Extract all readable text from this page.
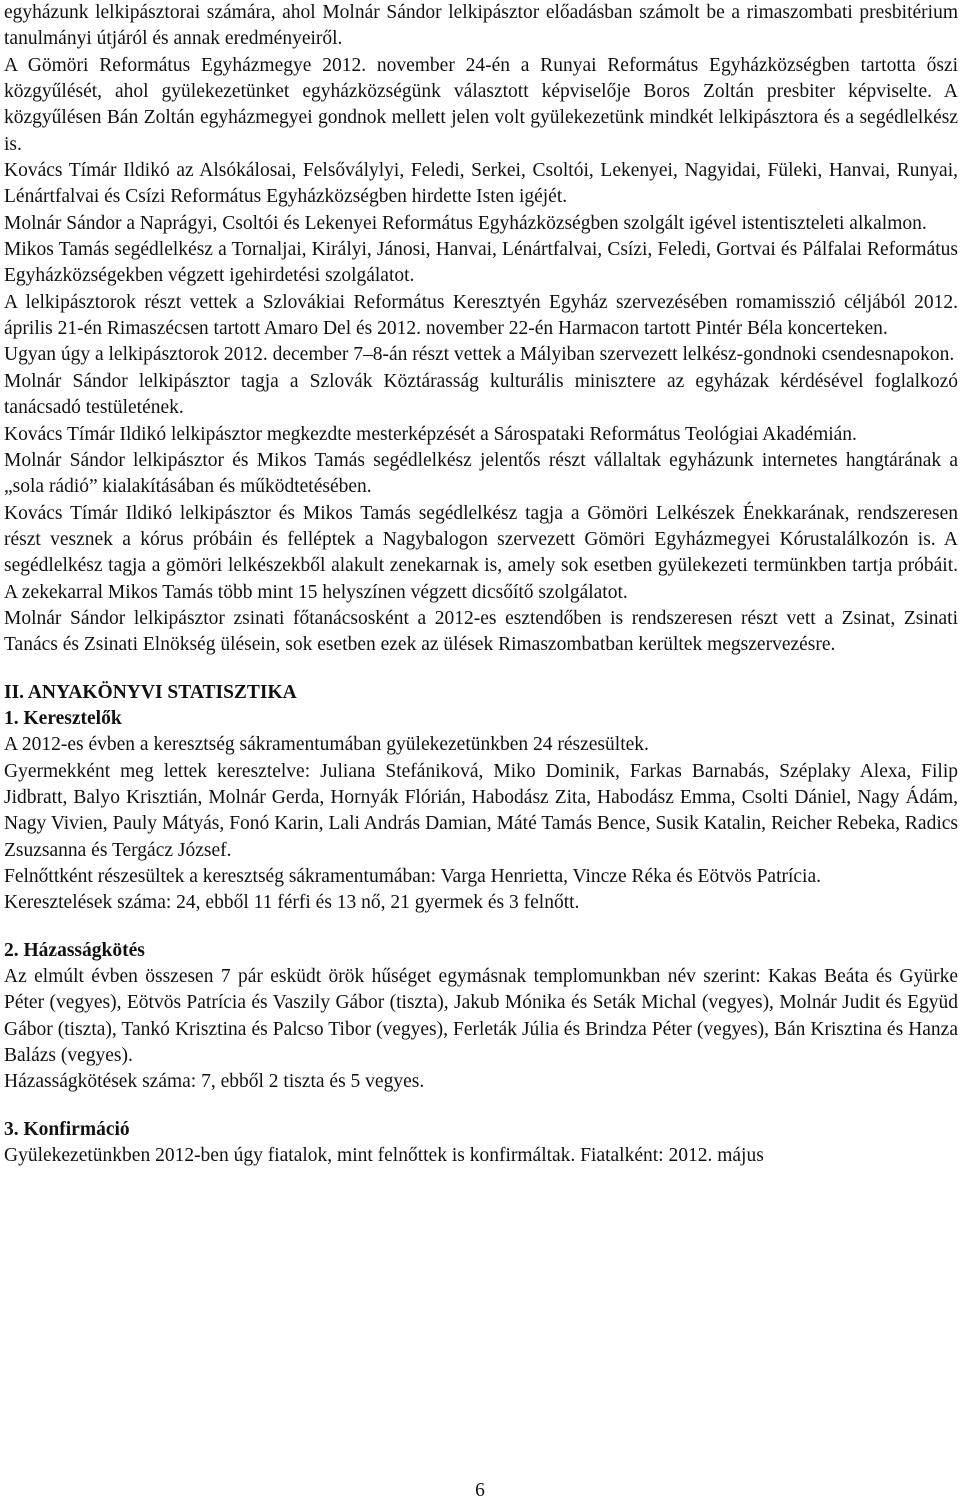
egyházunk lelkipásztorai számára, ahol Molnár Sándor lelkipásztor előadásban számolt be a rimaszombati presbitérium tanulmányi útjáról és annak eredményeiről.

A Gömöri Református Egyházmegye 2012. november 24-én a Runyai Református Egyházközségben tartotta őszi közgyűlését, ahol gyülekezetünket egyházközségünk választott képviselője Boros Zoltán presbiter képviselte. A közgyűlésen Bán Zoltán egyházmegyei gondnok mellett jelen volt gyülekezetünk mindkét lelkipásztora és a segédlelkész is.

Kovács Tímár Ildikó az Alsókálosai, Felsőválylyi, Feledi, Serkei, Csoltói, Lekenyei, Nagyidai, Füleki, Hanvai, Runyai, Lénártfalvai és Csízi Református Egyházközségben hirdette Isten igéjét.

Molnár Sándor a Naprágyi, Csoltói és Lekenyei Református Egyházközségben szolgált igével istentiszteleti alkalmon.

Mikos Tamás segédlelkész a Tornaljai, Királyi, Jánosi, Hanvai, Lénártfalvai, Csízi, Feledi, Gortvai és Pálfalai Református Egyházközségekben végzett igehirdetési szolgálatot.

A lelkipásztorok részt vettek a Szlovákiai Református Keresztyén Egyház szervezésében romamisszió céljából 2012. április 21-én Rimaszécsen tartott Amaro Del és 2012. november 22-én Harmacon tartott Pintér Béla koncerteken.

Ugyan úgy a lelkipásztorok 2012. december 7–8-án részt vettek a Mályiban szervezett lelkész-gondnoki csendesnapokon.

Molnár Sándor lelkipásztor tagja a Szlovák Köztárasság kulturális minisztere az egyházak kérdésével foglalkozó tanácsadó testületének.

Kovács Tímár Ildikó lelkipásztor megkezdte mesterképzését a Sárospataki Református Teológiai Akadémián.

Molnár Sándor lelkipásztor és Mikos Tamás segédlelkész jelentős részt vállaltak egyházunk internetes hangtárának a „sola rádió” kialakításában és működtetésében.

Kovács Tímár Ildikó lelkipásztor és Mikos Tamás segédlelkész tagja a Gömöri Lelkészek Énekkarának, rendszeresen részt vesznek a kórus próbáin és felléptek a Nagybalogon szervezett Gömöri Egyházmegyei Kórustalálkozón is. A segédlelkész tagja a gömöri lelkészekből alakult zenekarnak is, amely sok esetben gyülekezeti termünkben tartja próbáit. A zekekarral Mikos Tamás több mint 15 helyszínen végzett dicsőítő szolgálatot.

Molnár Sándor lelkipásztor zsinati főtanácsosként a 2012-es esztendőben is rendszeresen részt vett a Zsinat, Zsinati Tanács és Zsinati Elnökség ülésein, sok esetben ezek az ülések Rimaszombatban kerültek megszervezésre.

II. ANYAKÖNYVI STATISZTIKA

1. Keresztelők

A 2012-es évben a keresztség sákramentumában gyülekezetünkben 24 részesültek.

Gyermekként meg lettek keresztelve: Juliana Stefániková, Miko Dominik, Farkas Barnabás, Széplaky Alexa, Filip Jidbratt, Balyo Krisztián, Molnár Gerda, Hornyák Flórián, Habodász Zita, Habodász Emma, Csolti Dániel, Nagy Ádám, Nagy Vivien, Pauly Mátyás, Fonó Karin, Lali András Damian, Máté Tamás Bence, Susik Katalin, Reicher Rebeka, Radics Zsuzsanna és Tergácz József.

Felnőttként részesültek a keresztség sákramentumában: Varga Henrietta, Vincze Réka és Eötvös Patrícia.

Keresztelések száma: 24, ebből 11 férfi és 13 nő, 21 gyermek és 3 felnőtt.

2. Házasságkötés

Az elmúlt évben összesen 7 pár esküdt örök hűséget egymásnak templomunkban név szerint: Kakas Beáta és Gyürke Péter (vegyes), Eötvös Patrícia és Vaszily Gábor (tiszta), Jakub Mónika és Seták Michal (vegyes), Molnár Judit és Együd Gábor (tiszta), Tankó Krisztina és Palcso Tibor (vegyes), Ferleták Júlia és Brindza Péter (vegyes), Bán Krisztina és Hanza Balázs (vegyes).

Házasságkötések száma: 7, ebből 2 tiszta és 5 vegyes.

3. Konfirmáció

Gyülekezetünkben 2012-ben úgy fiatalok, mint felnőttek is konfirmáltak. Fiatalként: 2012. május

6
